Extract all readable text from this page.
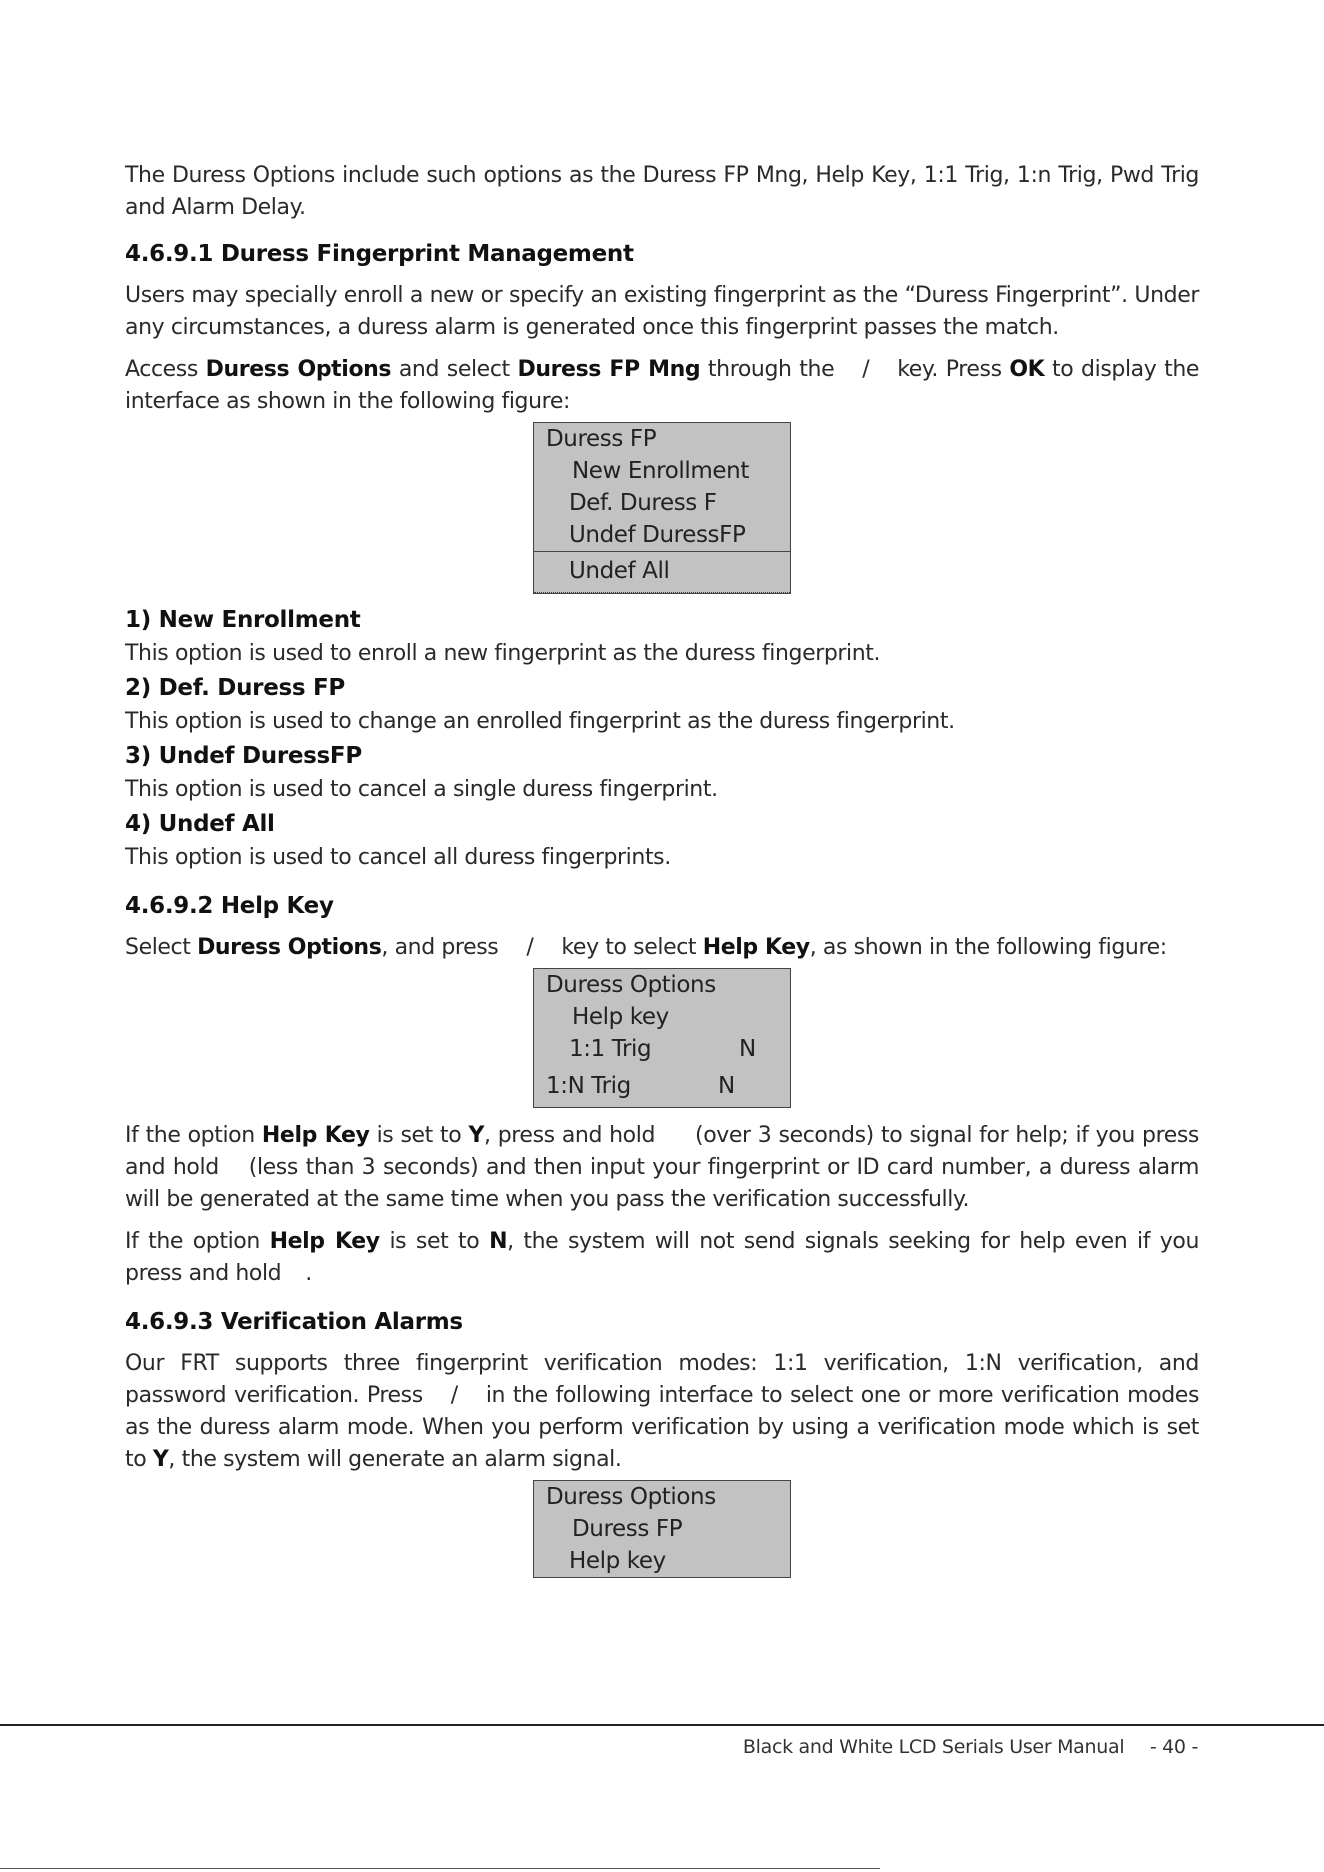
The Duress Options include such options as the Duress FP Mng, Help Key, 1:1 Trig, 1:n Trig, Pwd Trig and Alarm Delay.

4.6.9.1 Duress Fingerprint Management

Users may specially enroll a new or specify an existing fingerprint as the “Duress Fingerprint”. Under any circumstances, a duress alarm is generated once this fingerprint passes the match.

Access Duress Options and select Duress FP Mng through the / key. Press OK to display the interface as shown in the following figure:

Duress FP
New Enrollment
Def. Duress F
Undef DuressFP
Undef All
1) New Enrollment

This option is used to enroll a new fingerprint as the duress fingerprint.

2) Def. Duress FP

This option is used to change an enrolled fingerprint as the duress fingerprint.

3) Undef DuressFP

This option is used to cancel a single duress fingerprint.

4) Undef All

This option is used to cancel all duress fingerprints.

4.6.9.2 Help Key

Select Duress Options, and press / key to select Help Key, as shown in the following figure:

Duress Options
Help key
1:1 Trig	N
1:N Trig	N

If the option Help Key is set to Y, press and hold (over 3 seconds) to signal for help; if you press and hold (less than 3 seconds) and then input your fingerprint or ID card number, a duress alarm will be generated at the same time when you pass the verification successfully.

If the option Help Key is set to N, the system will not send signals seeking for help even if you press and hold .

4.6.9.3 Verification Alarms

Our FRT supports three fingerprint verification modes: 1:1 verification, 1:N verification, and password verification. Press / in the following interface to select one or more verification modes as the duress alarm mode. When you perform verification by using a verification mode which is set to Y, the system will generate an alarm signal.

Duress Options
Duress FP
Help key
Black and White LCD Serials User Manual - 40 -
